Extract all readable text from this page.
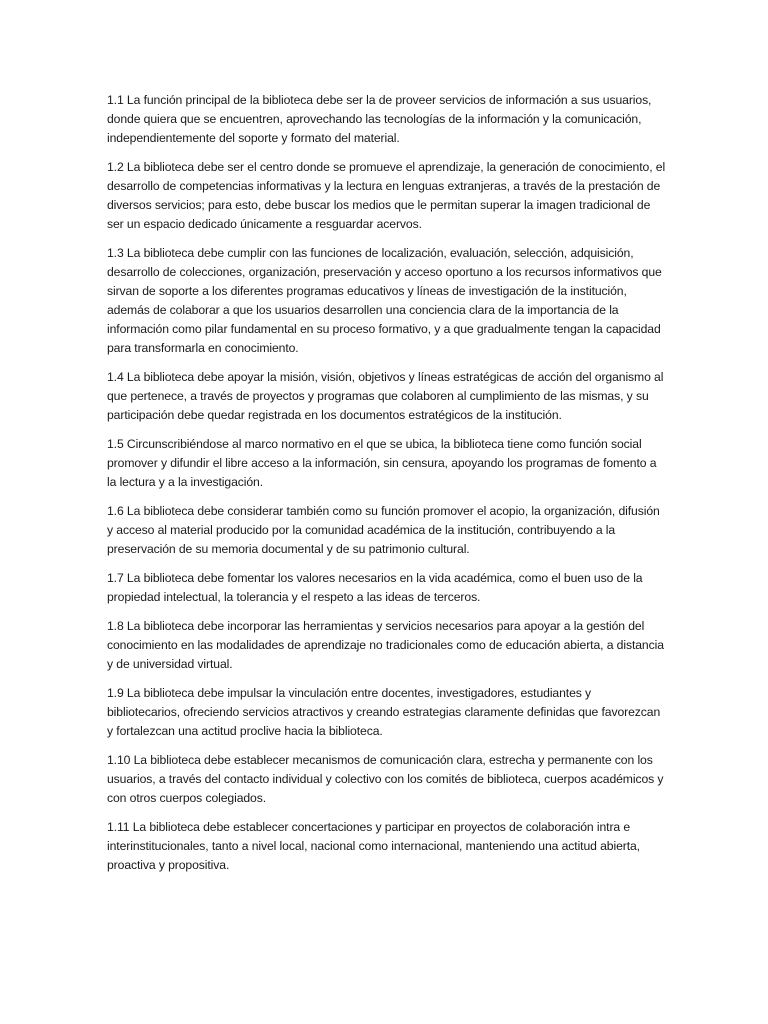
1.1 La función principal de la biblioteca debe ser la de proveer servicios de información a sus usuarios, donde quiera que se encuentren, aprovechando las tecnologías de la información y la comunicación, independientemente del soporte y formato del material.

1.2 La biblioteca debe ser el centro donde se promueve el aprendizaje, la generación de conocimiento, el desarrollo de competencias informativas y la lectura en lenguas extranjeras, a través de la prestación de diversos servicios; para esto, debe buscar los medios que le permitan superar la imagen tradicional de ser un espacio dedicado únicamente a resguardar acervos.

1.3 La biblioteca debe cumplir con las funciones de localización, evaluación, selección, adquisición, desarrollo de colecciones, organización, preservación y acceso oportuno a los recursos informativos que sirvan de soporte a los diferentes programas educativos y líneas de investigación de la institución, además de colaborar a que los usuarios desarrollen una conciencia clara de la importancia de la información como pilar fundamental en su proceso formativo, y a que gradualmente tengan la capacidad para transformarla en conocimiento.

1.4 La biblioteca debe apoyar la misión, visión, objetivos y líneas estratégicas de acción del organismo al que pertenece, a través de proyectos y programas que colaboren al cumplimiento de las mismas, y su participación debe quedar registrada en los documentos estratégicos de la institución.

1.5 Circunscribiéndose al marco normativo en el que se ubica, la biblioteca tiene como función social promover y difundir el libre acceso a la información, sin censura, apoyando los programas de fomento a la lectura y a la investigación.

1.6 La biblioteca debe considerar también como su función promover el acopio, la organización, difusión y acceso al material producido por la comunidad académica de la institución, contribuyendo a la preservación de su memoria documental y de su patrimonio cultural.

1.7 La biblioteca debe fomentar los valores necesarios en la vida académica, como el buen uso de la propiedad intelectual, la tolerancia y el respeto a las ideas de terceros.

1.8 La biblioteca debe incorporar las herramientas y servicios necesarios para apoyar a la gestión del conocimiento en las modalidades de aprendizaje no tradicionales como de educación abierta, a distancia y de universidad virtual.

1.9 La biblioteca debe impulsar la vinculación entre docentes, investigadores, estudiantes y bibliotecarios, ofreciendo servicios atractivos y creando estrategias claramente definidas que favorezcan y fortalezcan una actitud proclive hacia la biblioteca.

1.10 La biblioteca debe establecer mecanismos de comunicación clara, estrecha y permanente con los usuarios, a través del contacto individual y colectivo con los comités de biblioteca, cuerpos académicos y con otros cuerpos colegiados.

1.11 La biblioteca debe establecer concertaciones y participar en proyectos de colaboración intra e interinstitucionales, tanto a nivel local, nacional como internacional, manteniendo una actitud abierta, proactiva y propositiva.
